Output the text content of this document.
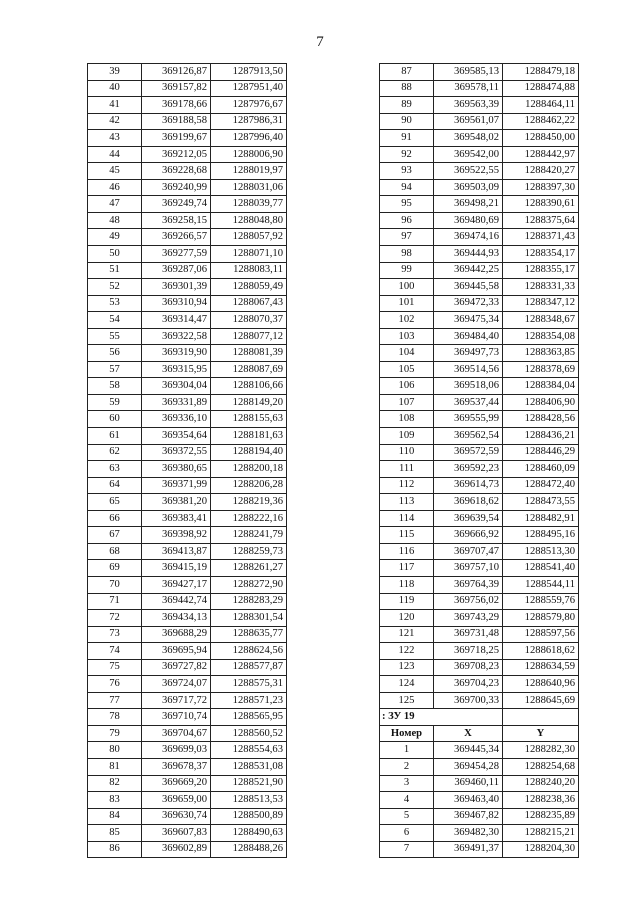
7
39	369126,87	1287913,50
40	369157,82	1287951,40
41	369178,66	1287976,67
42	369188,58	1287986,31
43	369199,67	1287996,40
44	369212,05	1288006,90
45	369228,68	1288019,97
46	369240,99	1288031,06
47	369249,74	1288039,77
48	369258,15	1288048,80
49	369266,57	1288057,92
50	369277,59	1288071,10
51	369287,06	1288083,11
52	369301,39	1288059,49
53	369310,94	1288067,43
54	369314,47	1288070,37
55	369322,58	1288077,12
56	369319,90	1288081,39
57	369315,95	1288087,69
58	369304,04	1288106,66
59	369331,89	1288149,20
60	369336,10	1288155,63
61	369354,64	1288181,63
62	369372,55	1288194,40
63	369380,65	1288200,18
64	369371,99	1288206,28
65	369381,20	1288219,36
66	369383,41	1288222,16
67	369398,92	1288241,79
68	369413,87	1288259,73
69	369415,19	1288261,27
70	369427,17	1288272,90
71	369442,74	1288283,29
72	369434,13	1288301,54
73	369688,29	1288635,77
74	369695,94	1288624,56
75	369727,82	1288577,87
76	369724,07	1288575,31
77	369717,72	1288571,23
78	369710,74	1288565,95
79	369704,67	1288560,52
80	369699,03	1288554,63
81	369678,37	1288531,08
82	369669,20	1288521,90
83	369659,00	1288513,53
84	369630,74	1288500,89
85	369607,83	1288490,63
86	369602,89	1288488,26
87	369585,13	1288479,18
88	369578,11	1288474,88
89	369563,39	1288464,11
90	369561,07	1288462,22
91	369548,02	1288450,00
92	369542,00	1288442,97
93	369522,55	1288420,27
94	369503,09	1288397,30
95	369498,21	1288390,61
96	369480,69	1288375,64
97	369474,16	1288371,43
98	369444,93	1288354,17
99	369442,25	1288355,17
100	369445,58	1288331,33
101	369472,33	1288347,12
102	369475,34	1288348,67
103	369484,40	1288354,08
104	369497,73	1288363,85
105	369514,56	1288378,69
106	369518,06	1288384,04
107	369537,44	1288406,90
108	369555,99	1288428,56
109	369562,54	1288436,21
110	369572,59	1288446,29
111	369592,23	1288460,09
112	369614,73	1288472,40
113	369618,62	1288473,55
114	369639,54	1288482,91
115	369666,92	1288495,16
116	369707,47	1288513,30
117	369757,10	1288541,40
118	369764,39	1288544,11
119	369756,02	1288559,76
120	369743,29	1288579,80
121	369731,48	1288597,56
122	369718,25	1288618,62
123	369708,23	1288634,59
124	369704,23	1288640,96
125	369700,33	1288645,69
: ЗУ 19		
Номер	X	Y
1	369445,34	1288282,30
2	369454,28	1288254,68
3	369460,11	1288240,20
4	369463,40	1288238,36
5	369467,82	1288235,89
6	369482,30	1288215,21
7	369491,37	1288204,30
